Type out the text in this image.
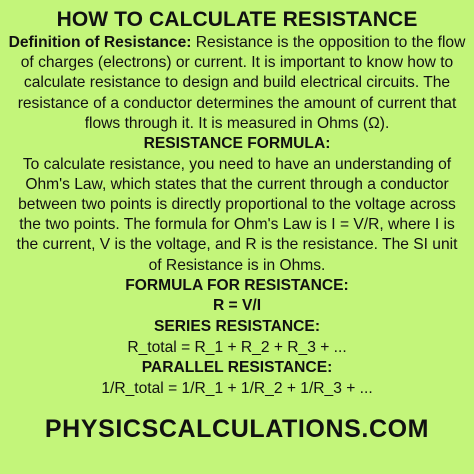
HOW TO CALCULATE RESISTANCE

Definition of Resistance: Resistance is the opposition to the flow of charges (electrons) or current. It is important to know how to calculate resistance to design and build electrical circuits. The resistance of a conductor determines the amount of current that flows through it. It is measured in Ohms (Ω).

RESISTANCE FORMULA:

To calculate resistance, you need to have an understanding of Ohm's Law, which states that the current through a conductor between two points is directly proportional to the voltage across the two points. The formula for Ohm's Law is I = V/R, where I is the current, V is the voltage, and R is the resistance. The SI unit of Resistance is in Ohms.

FORMULA FOR RESISTANCE:

R = V/I

SERIES RESISTANCE:

R_total = R_1 + R_2 + R_3 + ...

PARALLEL RESISTANCE:

1/R_total = 1/R_1 + 1/R_2 + 1/R_3 + ...

PHYSICSCALCULATIONS.COM
